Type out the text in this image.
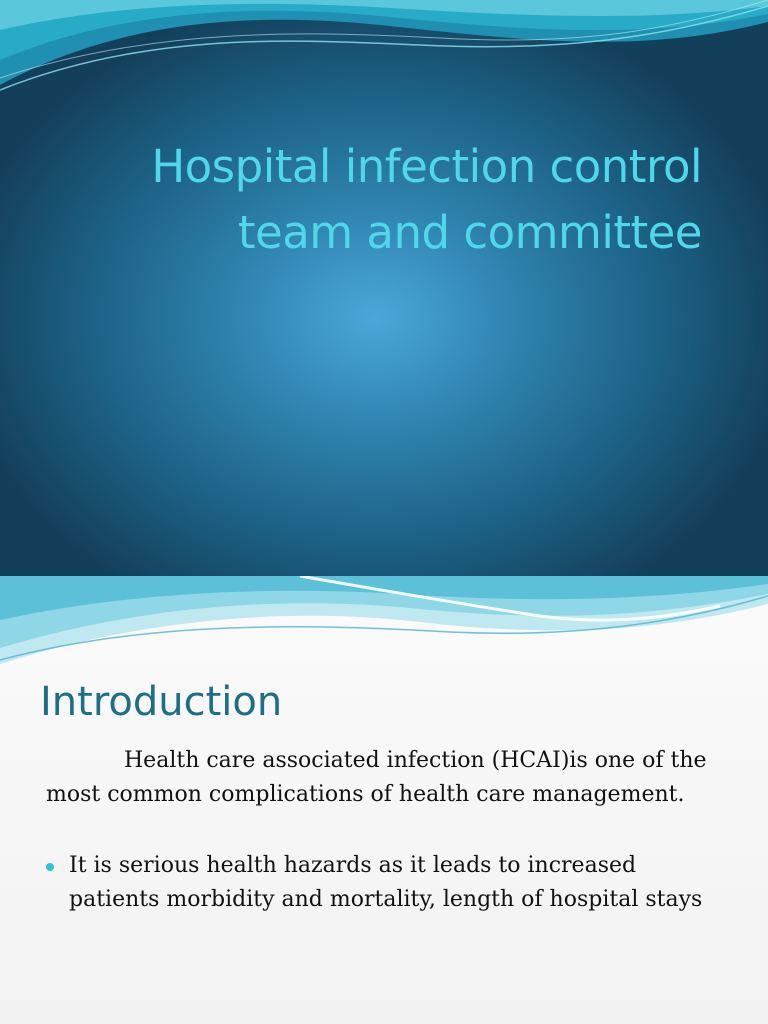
Hospital infection control
team and committee
Introduction

Health care associated infection (HCAI)is one of the most common complications of health care management.

It is serious health hazards as it leads to increased patients morbidity and mortality, length of hospital stays
